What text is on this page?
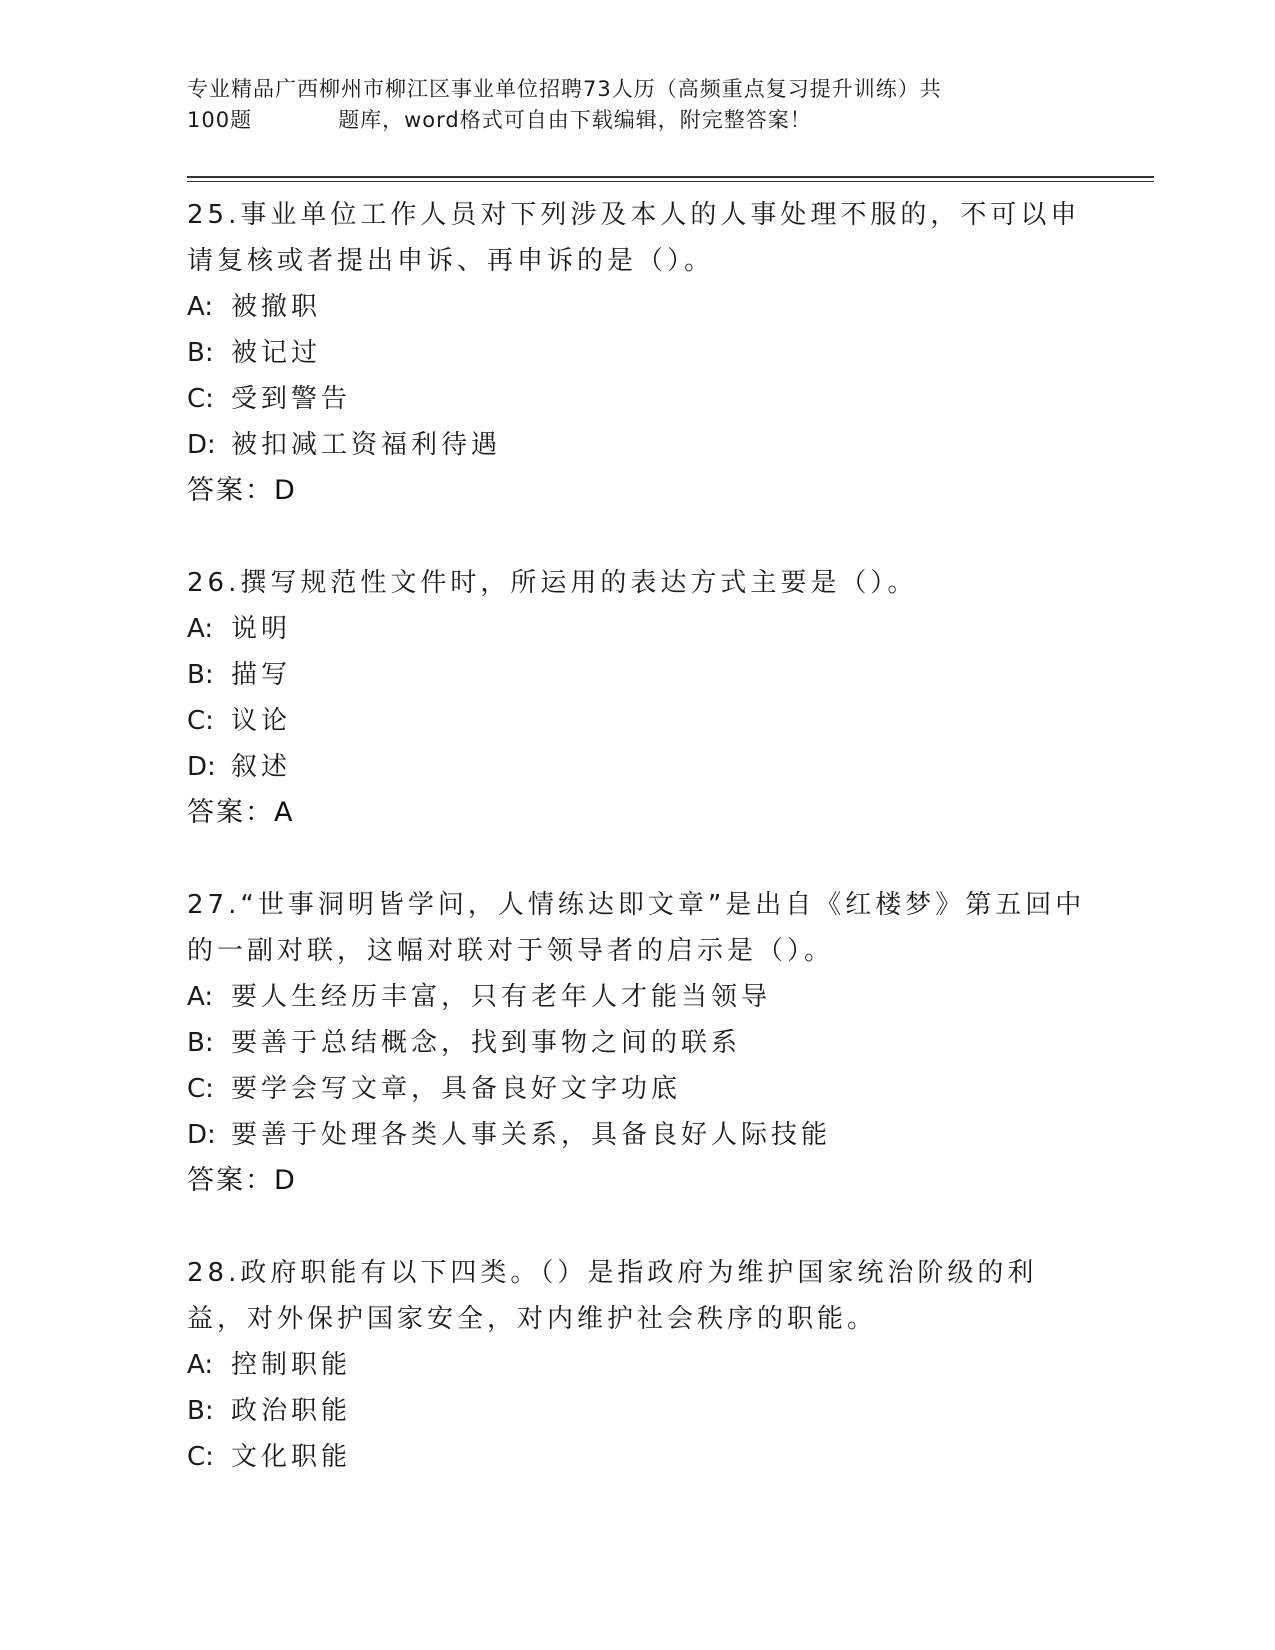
专业精品广西柳州市柳江区事业单位招聘73人历（高频重点复习提升训练）共
100题	题库，word格式可自由下载编辑，附完整答案！

25.事业单位工作人员对下列涉及本人的人事处理不服的，不可以申请复核或者提出申诉、再申诉的是（）。

A: 被撤职

B: 被记过

C: 受到警告

D: 被扣减工资福利待遇

答案：D

26.撰写规范性文件时，所运用的表达方式主要是（）。

A: 说明

B: 描写

C: 议论

D: 叙述

答案：A

27.“世事洞明皆学问，人情练达即文章”是出自《红楼梦》第五回中的一副对联，这幅对联对于领导者的启示是（）。

A: 要人生经历丰富，只有老年人才能当领导

B: 要善于总结概念，找到事物之间的联系

C: 要学会写文章，具备良好文字功底

D: 要善于处理各类人事关系，具备良好人际技能

答案：D

28.政府职能有以下四类。（）是指政府为维护国家统治阶级的利益，对外保护国家安全，对内维护社会秩序的职能。

A: 控制职能

B: 政治职能

C: 文化职能
